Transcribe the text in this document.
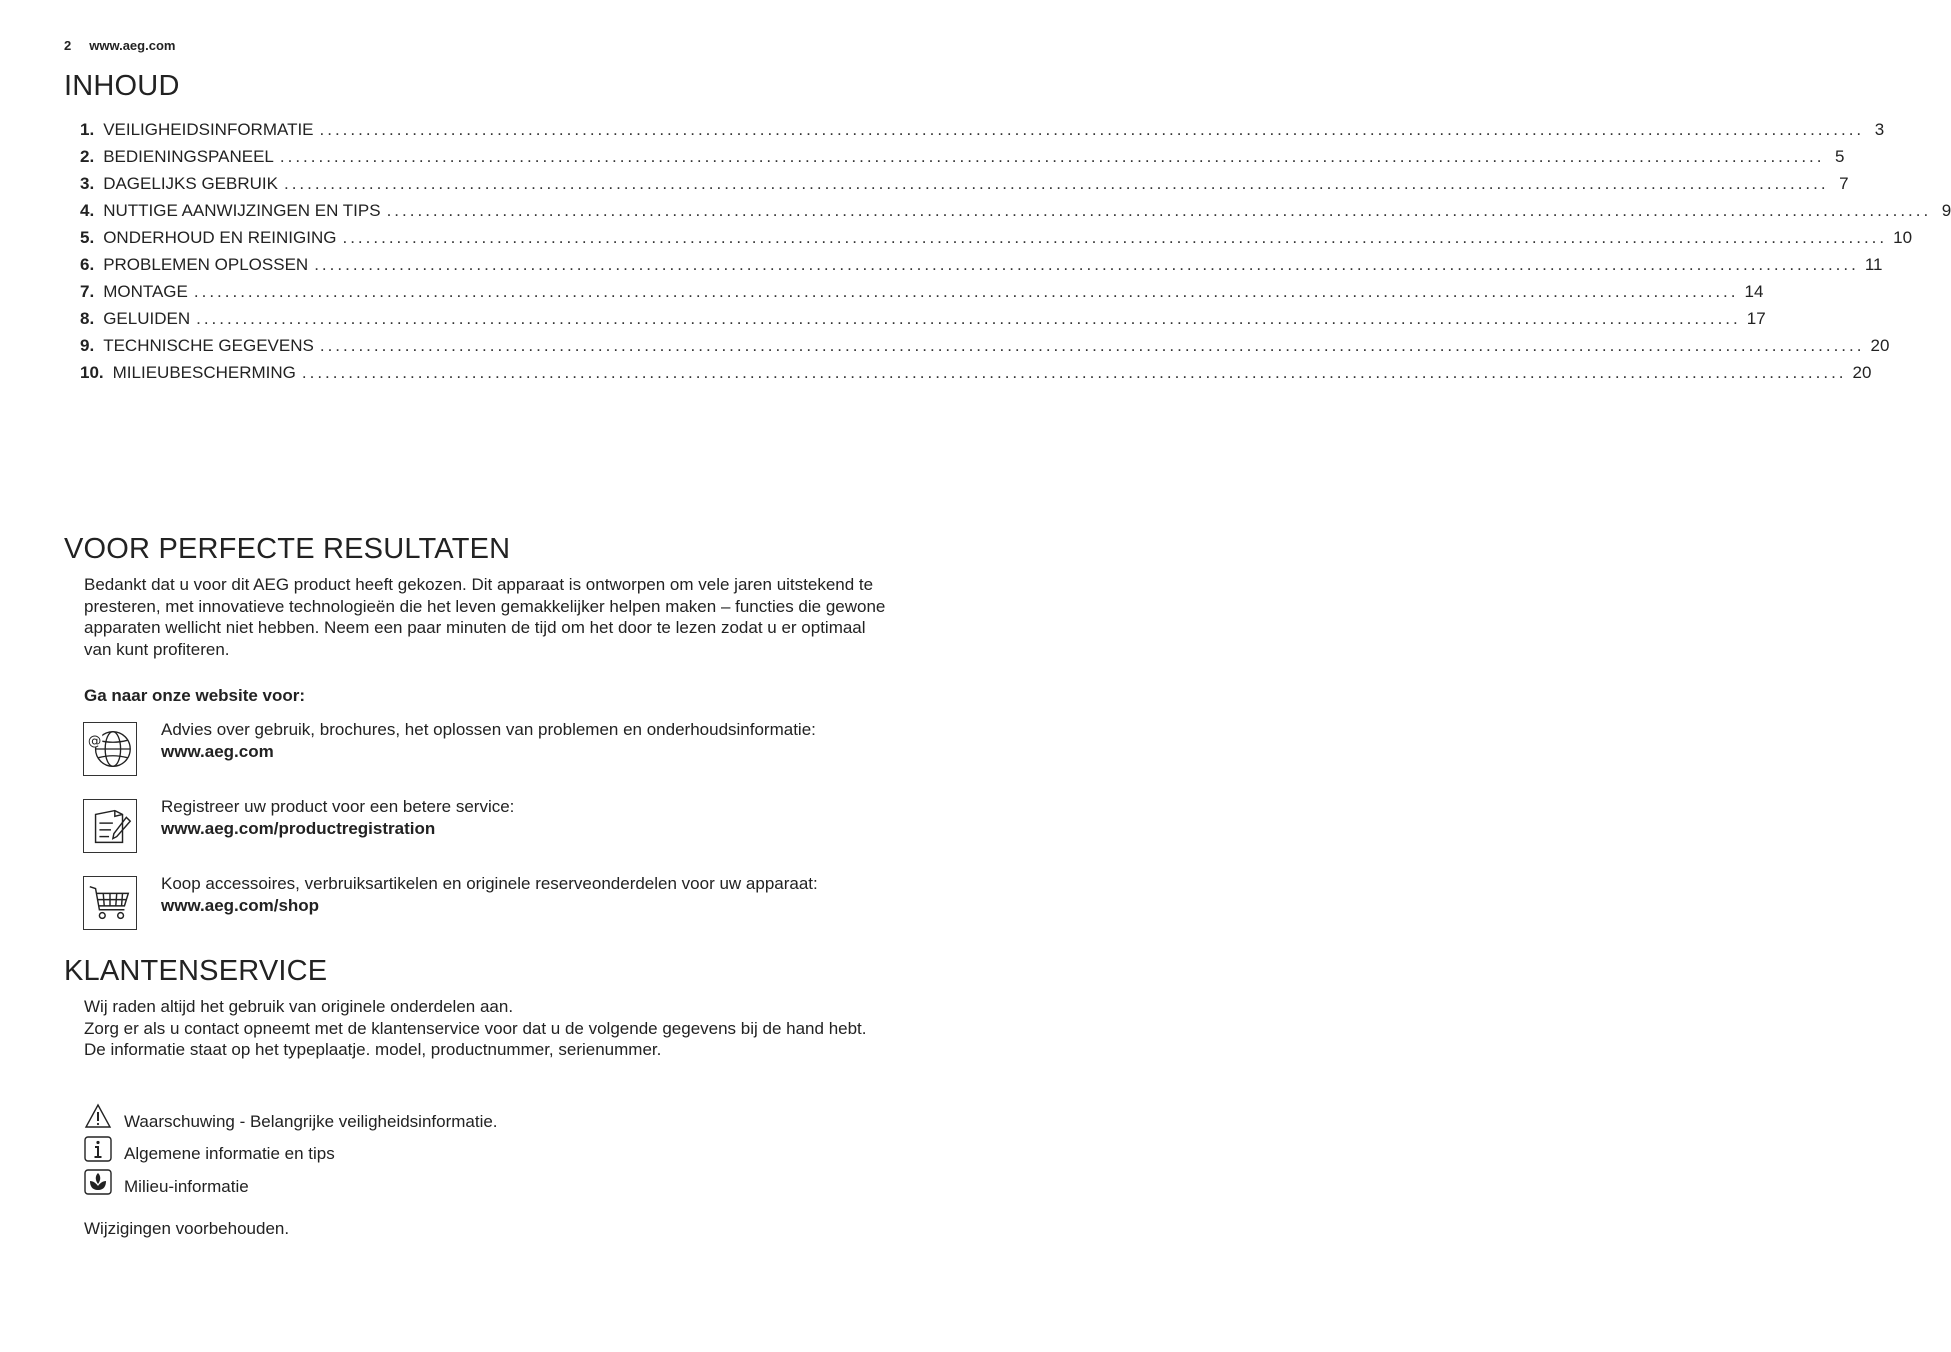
2 www.aeg.com
INHOUD
1. VEILIGHEIDSINFORMATIE ........................................................................................................................................................................................................ 3
2. BEDIENINGSPANEEL ........................................................................................................................................................................................................ 5
3. DAGELIJKS GEBRUIK ........................................................................................................................................................................................................ 7
4. NUTTIGE AANWIJZINGEN EN TIPS ........................................................................................................................................................................................................ 9
5. ONDERHOUD EN REINIGING ........................................................................................................................................................................................................ 10
6. PROBLEMEN OPLOSSEN ........................................................................................................................................................................................................ 11
7. MONTAGE ........................................................................................................................................................................................................ 14
8. GELUIDEN ........................................................................................................................................................................................................ 17
9. TECHNISCHE GEGEVENS ........................................................................................................................................................................................................ 20
10. MILIEUBESCHERMING ........................................................................................................................................................................................................ 20
VOOR PERFECTE RESULTATEN

Bedankt dat u voor dit AEG product heeft gekozen. Dit apparaat is ontworpen om vele jaren uitstekend te presteren, met innovatieve technologieën die het leven gemakkelijker helpen maken – functies die gewone apparaten wellicht niet hebben. Neem een paar minuten de tijd om het door te lezen zodat u er optimaal van kunt profiteren.

Ga naar onze website voor:

@
Advies over gebruik, brochures, het oplossen van problemen en onderhoudsinformatie:
www.aeg.com
Registreer uw product voor een betere service:
www.aeg.com/productregistration
Koop accessoires, verbruiksartikelen en originele reserveonderdelen voor uw apparaat:
www.aeg.com/shop
KLANTENSERVICE
Wij raden altijd het gebruik van originele onderdelen aan.
Zorg er als u contact opneemt met de klantenservice voor dat u de volgende gegevens bij de hand hebt.
De informatie staat op het typeplaatje. model, productnummer, serienummer.
Waarschuwing - Belangrijke veiligheidsinformatie.
Algemene informatie en tips
Milieu-informatie

Wijzigingen voorbehouden.
